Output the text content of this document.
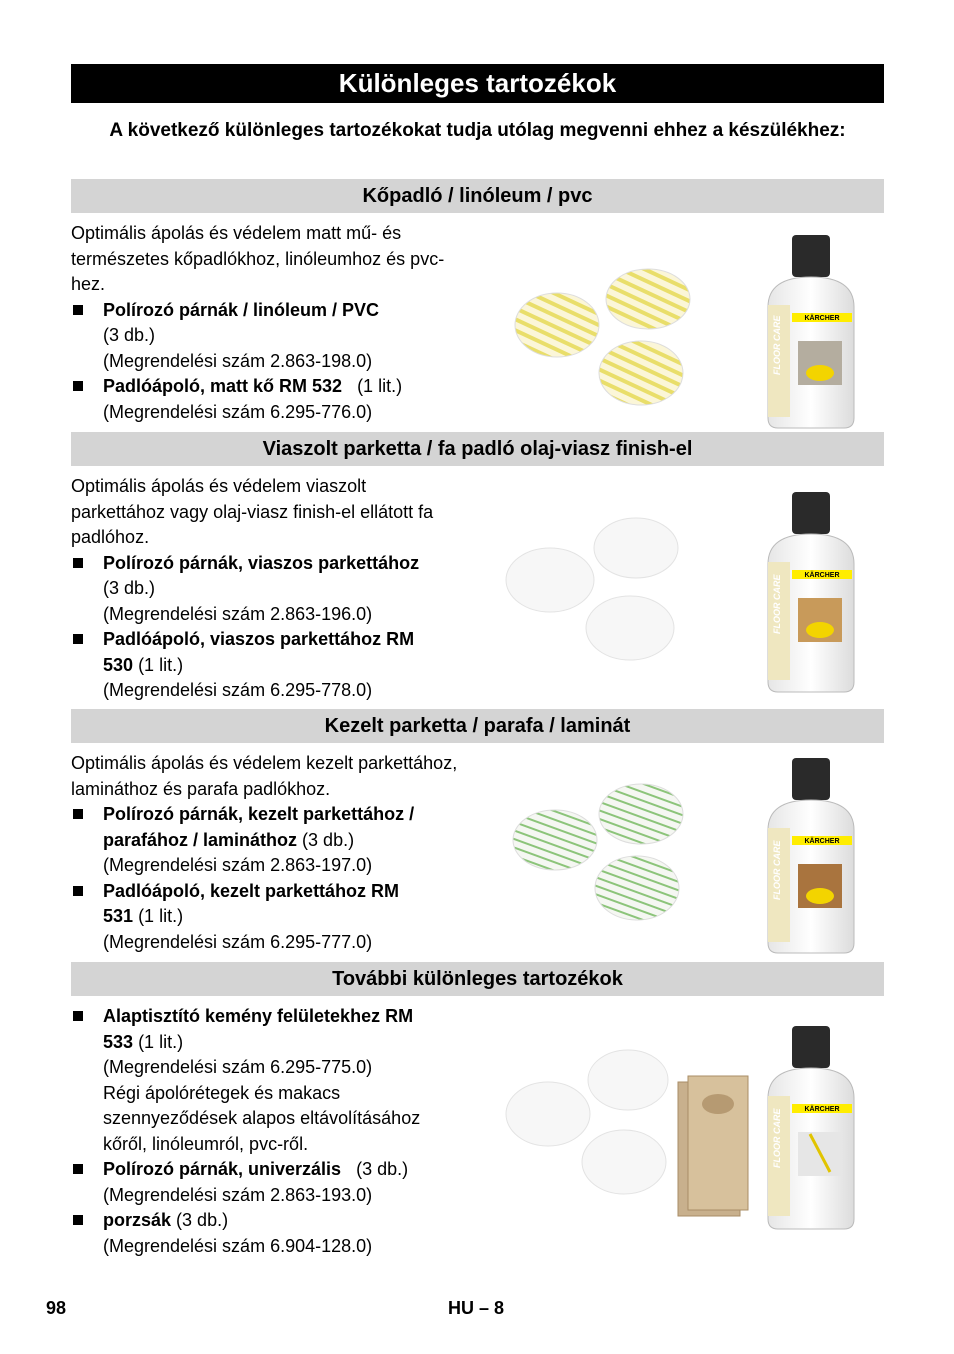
Különleges tartozékok
A következő különleges tartozékokat tudja utólag megvenni ehhez a készülékhez:
Kőpadló / linóleum / pvc

Optimális ápolás és védelem matt mű- és természetes kőpadlókhoz, linóleumhoz és pvc-hez.

Polírozó párnák / linóleum / PVC
(3 db.)

(Megrendelési szám 2.863-198.0)

Padlóápoló, matt kő RM 532 (1 lit.)

(Megrendelési szám 6.295-776.0)

KÄRCHER
FLOOR CARE
Viaszolt parketta / fa padló olaj-viasz finish-el

Optimális ápolás és védelem viaszolt parkettához vagy olaj-viasz finish-el ellátott fa padlóhoz.

Polírozó párnák, viaszos parkettához  (3 db.)

(Megrendelési szám 2.863-196.0)

Padlóápoló, viaszos parkettához RM 530 (1 lit.)

(Megrendelési szám 6.295-778.0)

KÄRCHER
FLOOR CARE
Kezelt parketta / parafa / laminát

Optimális ápolás és védelem kezelt parkettához, lamináthoz és parafa padlókhoz.

Polírozó párnák, kezelt parkettához / parafához / lamináthoz (3 db.)

(Megrendelési szám 2.863-197.0)

Padlóápoló, kezelt parkettához RM 531 (1 lit.)

(Megrendelési szám 6.295-777.0)

KÄRCHER
FLOOR CARE
További különleges tartozékok
Alaptisztító kemény felületekhez RM 533 (1 lit.)

(Megrendelési szám 6.295-775.0)

Régi ápolórétegek és makacs szennyeződések alapos eltávolításához kőről, linóleumról, pvc-ről.

Polírozó párnák, univerzális (3 db.)

(Megrendelési szám 2.863-193.0)

porzsák (3 db.)

(Megrendelési szám 6.904-128.0)

KÄRCHER
FLOOR CARE
98	HU – 8
